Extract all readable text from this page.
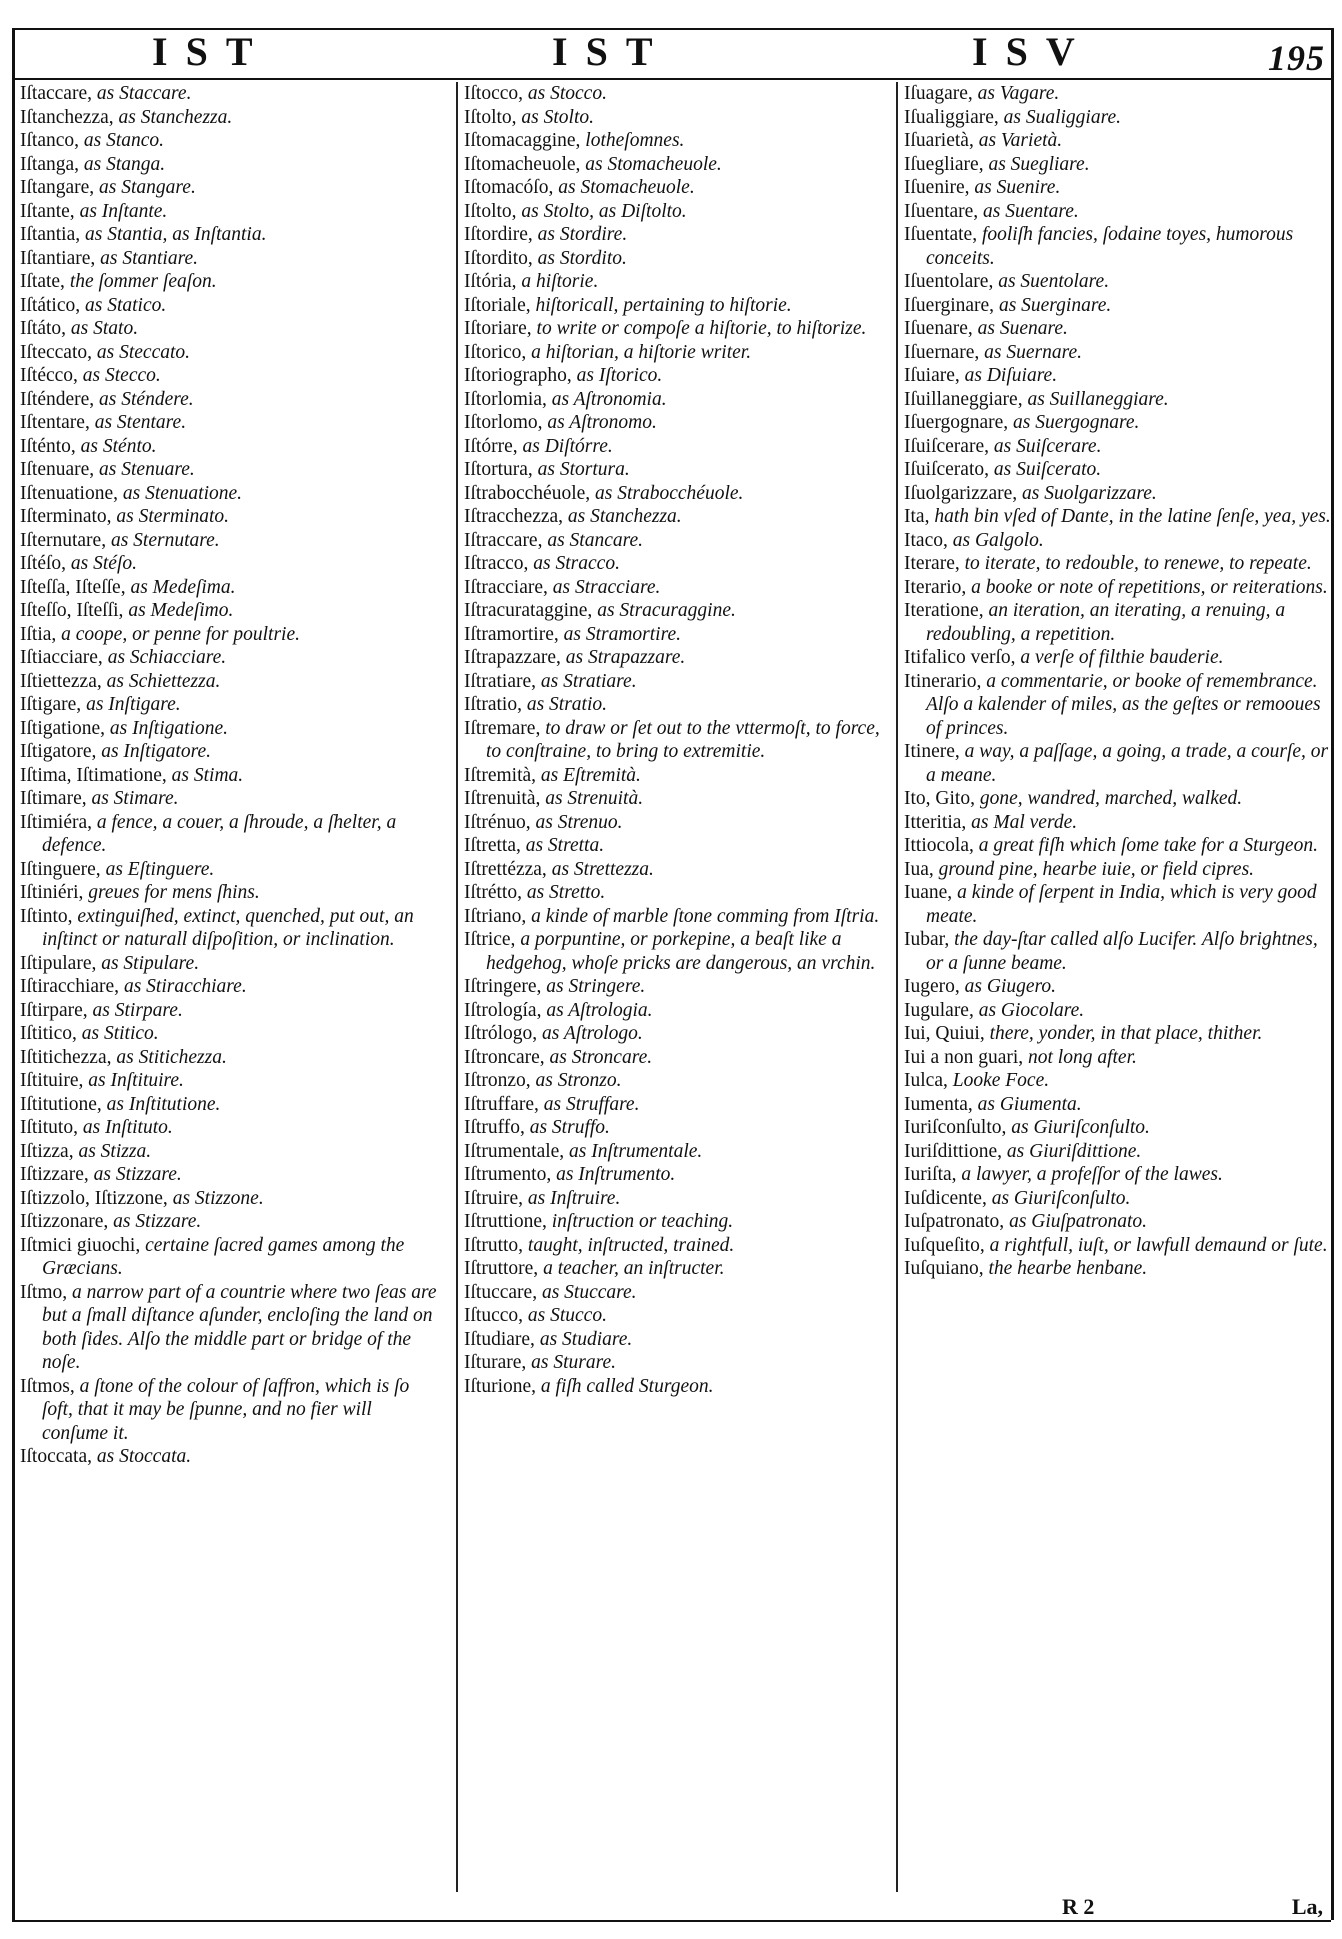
IST	IST	ISV	195

Iſtaccare, as Staccare.

Iſtanchezza, as Stanchezza.

Iſtanco, as Stanco.

Iſtanga, as Stanga.

Iſtangare, as Stangare.

Iſtante, as Inſtante.

Iſtantia, as Stantia, as Inſtantia.

Iſtantiare, as Stantiare.

Iſtate, the ſommer ſeaſon.

Iſtático, as Statico.

Iſtáto, as Stato.

Iſteccato, as Steccato.

Iſtécco, as Stecco.

Iſténdere, as Sténdere.

Iſtentare, as Stentare.

Iſténto, as Sténto.

Iſtenuare, as Stenuare.

Iſtenuatione, as Stenuatione.

Iſterminato, as Sterminato.

Iſternutare, as Sternutare.

Iſtéſo, as Stéſo.

Iſteſſa, Iſteſſe, as Medeſima.

Iſteſſo, Iſteſſi, as Medeſimo.

Iſtia, a coope, or penne for poultrie.

Iſtiacciare, as Schiacciare.

Iſtiettezza, as Schiettezza.

Iſtigare, as Inſtigare.

Iſtigatione, as Inſtigatione.

Iſtigatore, as Inſtigatore.

Iſtima, Iſtimatione, as Stima.

Iſtimare, as Stimare.

Iſtimiéra, a fence, a couer, a ſhroude, a ſhelter, a defence.

Iſtinguere, as Eſtinguere.

Iſtiniéri, greues for mens ſhins.

Iſtinto, extinguiſhed, extinct, quenched, put out, an inſtinct or naturall diſpoſition, or inclination.

Iſtipulare, as Stipulare.

Iſtiracchiare, as Stiracchiare.

Iſtirpare, as Stirpare.

Iſtitico, as Stitico.

Iſtitichezza, as Stitichezza.

Iſtituire, as Inſtituire.

Iſtitutione, as Inſtitutione.

Iſtituto, as Inſtituto.

Iſtizza, as Stizza.

Iſtizzare, as Stizzare.

Iſtizzolo, Iſtizzone, as Stizzone.

Iſtizzonare, as Stizzare.

Iſtmici giuochi, certaine ſacred games among the Græcians.

Iſtmo, a narrow part of a countrie where two ſeas are but a ſmall diſtance aſunder, encloſing the land on both ſides. Alſo the middle part or bridge of the noſe.

Iſtmos, a ſtone of the colour of ſaffron, which is ſo ſoft, that it may be ſpunne, and no fier will conſume it.

Iſtoccata, as Stoccata.

Iſtocco, as Stocco.

Iſtolto, as Stolto.

Iſtomacaggine, lotheſomnes.

Iſtomacheuole, as Stomacheuole.

Iſtomacóſo, as Stomacheuole.

Iſtolto, as Stolto, as Diſtolto.

Iſtordire, as Stordire.

Iſtordito, as Stordito.

Iſtória, a hiſtorie.

Iſtoriale, hiſtoricall, pertaining to hiſtorie.

Iſtoriare, to write or compoſe a hiſtorie, to hiſtorize.

Iſtorico, a hiſtorian, a hiſtorie writer.

Iſtoriographo, as Iſtorico.

Iſtorlomia, as Aſtronomia.

Iſtorlomo, as Aſtronomo.

Iſtórre, as Diſtórre.

Iſtortura, as Stortura.

Iſtrabocchéuole, as Strabocchéuole.

Iſtracchezza, as Stanchezza.

Iſtraccare, as Stancare.

Iſtracco, as Stracco.

Iſtracciare, as Stracciare.

Iſtracurataggine, as Stracuraggine.

Iſtramortire, as Stramortire.

Iſtrapazzare, as Strapazzare.

Iſtratiare, as Stratiare.

Iſtratio, as Stratio.

Iſtremare, to draw or ſet out to the vttermoſt, to force, to conſtraine, to bring to extremitie.

Iſtremità, as Eſtremità.

Iſtrenuità, as Strenuità.

Iſtrénuo, as Strenuo.

Iſtretta, as Stretta.

Iſtrettézza, as Strettezza.

Iſtrétto, as Stretto.

Iſtriano, a kinde of marble ſtone comming from Iſtria.

Iſtrice, a porpuntine, or porkepine, a beaſt like a hedgehog, whoſe pricks are dangerous, an vrchin.

Iſtringere, as Stringere.

Iſtrología, as Aſtrologia.

Iſtrólogo, as Aſtrologo.

Iſtroncare, as Stroncare.

Iſtronzo, as Stronzo.

Iſtruffare, as Struffare.

Iſtruffo, as Struffo.

Iſtrumentale, as Inſtrumentale.

Iſtrumento, as Inſtrumento.

Iſtruire, as Inſtruire.

Iſtruttione, inſtruction or teaching.

Iſtrutto, taught, inſtructed, trained.

Iſtruttore, a teacher, an inſtructer.

Iſtuccare, as Stuccare.

Iſtucco, as Stucco.

Iſtudiare, as Studiare.

Iſturare, as Sturare.

Iſturione, a fiſh called Sturgeon.

Iſuagare, as Vagare.

Iſualiggiare, as Sualiggiare.

Iſuarietà, as Varietà.

Iſuegliare, as Suegliare.

Iſuenire, as Suenire.

Iſuentare, as Suentare.

Iſuentate, fooliſh fancies, ſodaine toyes, humorous conceits.

Iſuentolare, as Suentolare.

Iſuerginare, as Suerginare.

Iſuenare, as Suenare.

Iſuernare, as Suernare.

Iſuiare, as Diſuiare.

Iſuillaneggiare, as Suillaneggiare.

Iſuergognare, as Suergognare.

Iſuiſcerare, as Suiſcerare.

Iſuiſcerato, as Suiſcerato.

Iſuolgarizzare, as Suolgarizzare.

Ita, hath bin vſed of Dante, in the latine ſenſe, yea, yes.

Itaco, as Galgolo.

Iterare, to iterate, to redouble, to renewe, to repeate.

Iterario, a booke or note of repetitions, or reiterations.

Iteratione, an iteration, an iterating, a renuing, a redoubling, a repetition.

Itifalico verſo, a verſe of filthie bauderie.

Itinerario, a commentarie, or booke of remembrance. Alſo a kalender of miles, as the geſtes or remooues of princes.

Itinere, a way, a paſſage, a going, a trade, a courſe, or a meane.

Ito, Gito, gone, wandred, marched, walked.

Itteritia, as Mal verde.

Ittiocola, a great fiſh which ſome take for a Sturgeon.

Iua, ground pine, hearbe iuie, or field cipres.

Iuane, a kinde of ſerpent in India, which is very good meate.

Iubar, the day-ſtar called alſo Lucifer. Alſo brightnes, or a ſunne beame.

Iugero, as Giugero.

Iugulare, as Giocolare.

Iui, Quiui, there, yonder, in that place, thither.

Iui a non guari, not long after.

Iulca, Looke Foce.

Iumenta, as Giumenta.

Iuriſconſulto, as Giuriſconſulto.

Iuriſdittione, as Giuriſdittione.

Iuriſta, a lawyer, a profeſſor of the lawes.

Iuſdicente, as Giuriſconſulto.

Iuſpatronato, as Giuſpatronato.

Iuſqueſito, a rightfull, iuſt, or lawfull demaund or ſute.

Iuſquiano, the hearbe henbane.

R 2	La,
